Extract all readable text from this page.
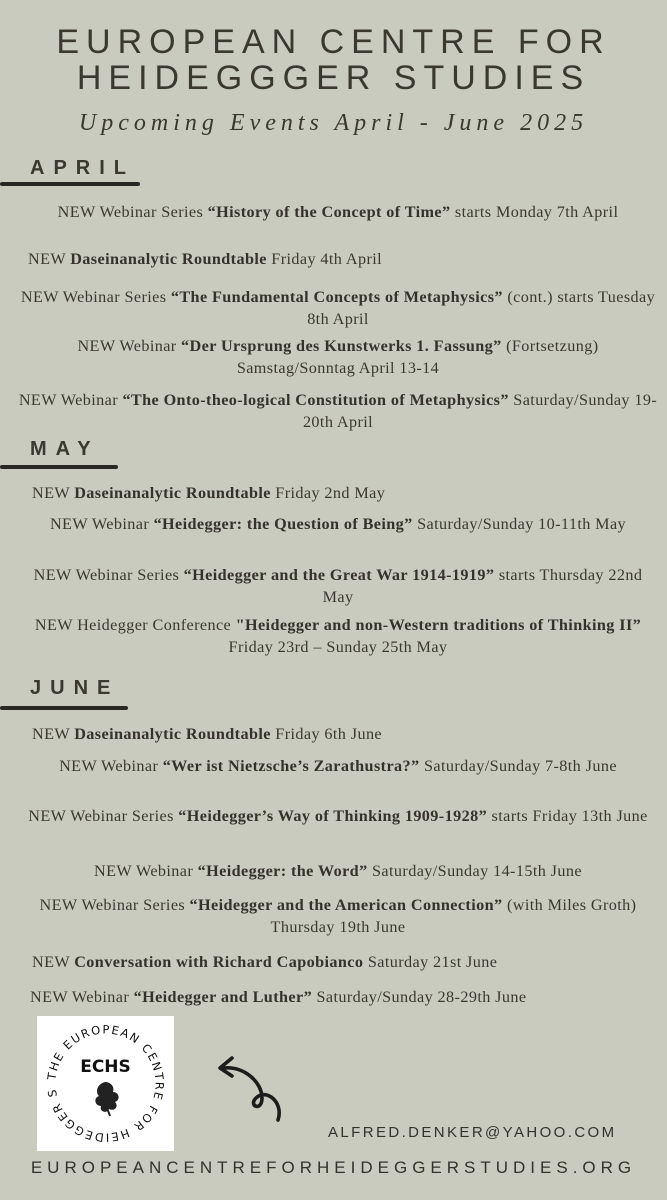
EUROPEAN CENTRE FOR
HEIDEGGGER STUDIES
Upcoming Events April - June 2025
APRIL
NEW Webinar Series “History of the Concept of Time” starts Monday 7th April
NEW Daseinanalytic Roundtable Friday 4th April
NEW Webinar Series “The Fundamental Concepts of Metaphysics” (cont.) starts Tuesday 8th April
NEW Webinar “Der Ursprung des Kunstwerks 1. Fassung” (Fortsetzung) Samstag/Sonntag April 13-14
NEW Webinar “The Onto-theo-logical Constitution of Metaphysics” Saturday/Sunday 19-20th April
MAY
NEW Daseinanalytic Roundtable Friday 2nd May
NEW Webinar “Heidegger: the Question of Being” Saturday/Sunday 10-11th May
NEW Webinar Series “Heidegger and the Great War 1914-1919” starts Thursday 22nd May
NEW Heidegger Conference "Heidegger and non-Western traditions of Thinking II” Friday 23rd – Sunday 25th May
JUNE
NEW Daseinanalytic Roundtable Friday 6th June
NEW Webinar “Wer ist Nietzsche’s Zarathustra?” Saturday/Sunday 7-8th June
NEW Webinar Series “Heidegger’s Way of Thinking 1909-1928” starts Friday 13th June
NEW Webinar “Heidegger: the Word” Saturday/Sunday 14-15th June
NEW Webinar Series “Heidegger and the American Connection” (with Miles Groth) Thursday 19th June
NEW Conversation with Richard Capobianco Saturday 21st June
NEW Webinar “Heidegger and Luther” Saturday/Sunday 28-29th June
THE EUROPEAN CENTRE FOR HEIDEGGER S
ECHS
ALFRED.DENKER@YAHOO.COM
EUROPEANCENTREFORHEIDEGGERSTUDIES.ORG
